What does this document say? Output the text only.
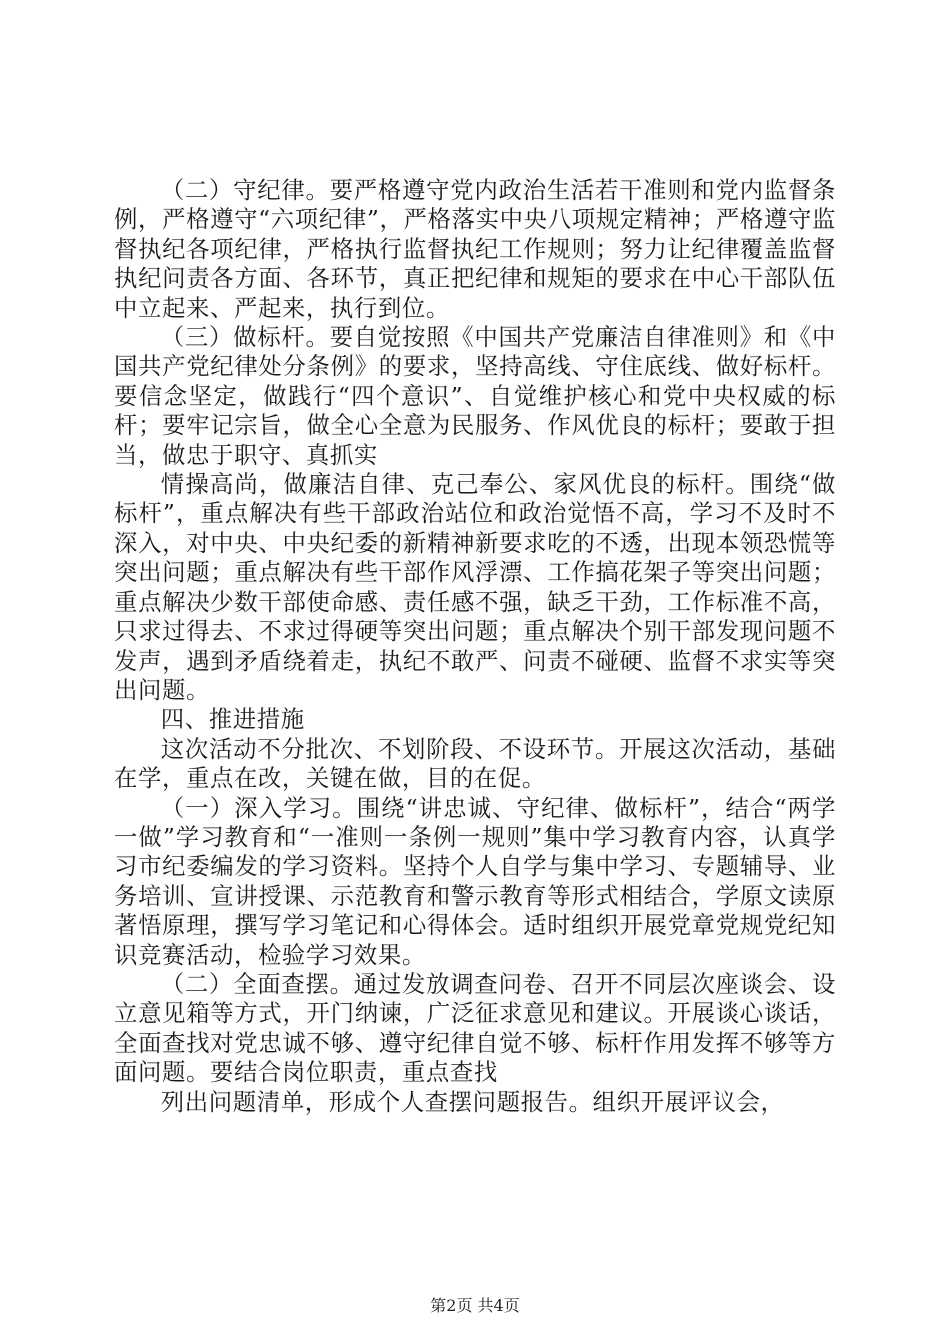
（二）守纪律。要严格遵守党内政治生活若干准则和党内监督条例，严格遵守“六项纪律”，严格落实中央八项规定精神；严格遵守监督执纪各项纪律，严格执行监督执纪工作规则；努力让纪律覆盖监督执纪问责各方面、各环节，真正把纪律和规矩的要求在中心干部队伍中立起来、严起来，执行到位。

（三）做标杆。要自觉按照《中国共产党廉洁自律准则》和《中国共产党纪律处分条例》的要求，坚持高线、守住底线、做好标杆。要信念坚定，做践行“四个意识”、自觉维护核心和党中央权威的标杆；要牢记宗旨，做全心全意为民服务、作风优良的标杆；要敢于担当，做忠于职守、真抓实

情操高尚，做廉洁自律、克己奉公、家风优良的标杆。围绕“做标杆”，重点解决有些干部政治站位和政治觉悟不高，学习不及时不深入，对中央、中央纪委的新精神新要求吃的不透，出现本领恐慌等突出问题；重点解决有些干部作风浮漂、工作搞花架子等突出问题；重点解决少数干部使命感、责任感不强，缺乏干劲，工作标准不高，只求过得去、不求过得硬等突出问题；重点解决个别干部发现问题不发声，遇到矛盾绕着走，执纪不敢严、问责不碰硬、监督不求实等突出问题。

四、推进措施

这次活动不分批次、不划阶段、不设环节。开展这次活动，基础在学，重点在改，关键在做，目的在促。

（一）深入学习。围绕“讲忠诚、守纪律、做标杆”，结合“两学一做”学习教育和“一准则一条例一规则”集中学习教育内容，认真学习市纪委编发的学习资料。坚持个人自学与集中学习、专题辅导、业务培训、宣讲授课、示范教育和警示教育等形式相结合，学原文读原著悟原理，撰写学习笔记和心得体会。适时组织开展党章党规党纪知识竞赛活动，检验学习效果。

（二）全面查摆。通过发放调查问卷、召开不同层次座谈会、设立意见箱等方式，开门纳谏，广泛征求意见和建议。开展谈心谈话，全面查找对党忠诚不够、遵守纪律自觉不够、标杆作用发挥不够等方面问题。要结合岗位职责，重点查找

列出问题清单，形成个人查摆问题报告。组织开展评议会，

第2页 共4页
